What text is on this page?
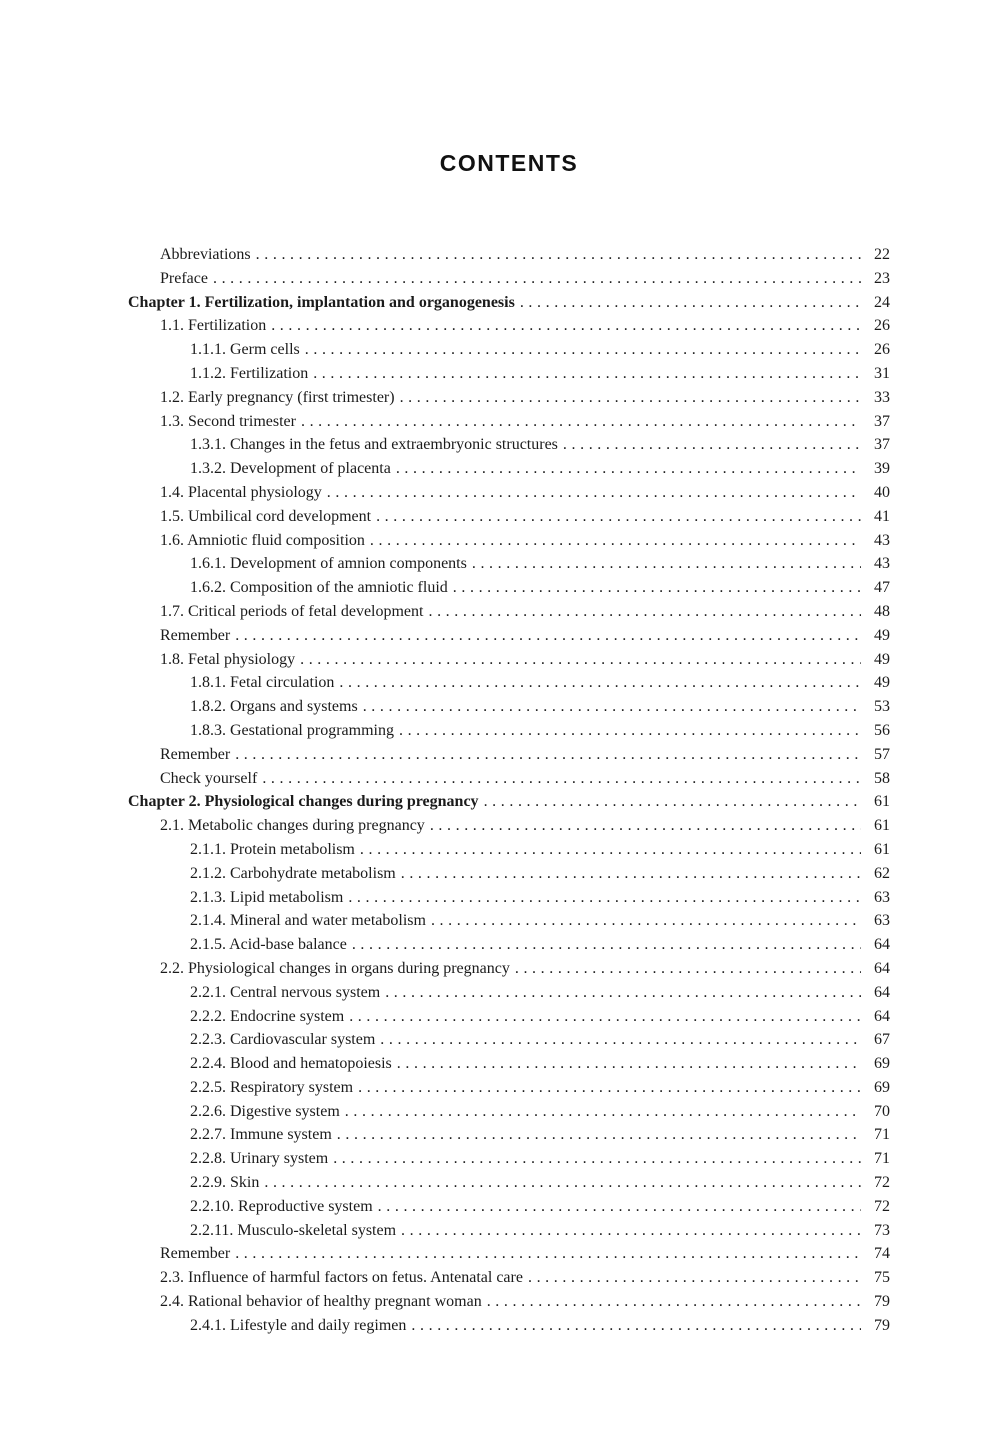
CONTENTS
Abbreviations .....	22
Preface .....	23
Chapter 1. Fertilization, implantation and organogenesis .....	24
1.1. Fertilization .....	26
1.1.1. Germ cells .....	26
1.1.2. Fertilization .....	31
1.2. Early pregnancy (first trimester) .....	33
1.3. Second trimester .....	37
1.3.1. Changes in the fetus and extraembryonic structures .....	37
1.3.2. Development of placenta .....	39
1.4. Placental physiology .....	40
1.5. Umbilical cord development .....	41
1.6. Amniotic fluid composition .....	43
1.6.1. Development of amnion components .....	43
1.6.2. Composition of the amniotic fluid .....	47
1.7. Critical periods of fetal development .....	48
Remember .....	49
1.8. Fetal physiology .....	49
1.8.1. Fetal circulation .....	49
1.8.2. Organs and systems .....	53
1.8.3. Gestational programming .....	56
Remember .....	57
Check yourself .....	58
Chapter 2. Physiological changes during pregnancy .....	61
2.1. Metabolic changes during pregnancy .....	61
2.1.1. Protein metabolism .....	61
2.1.2. Carbohydrate metabolism .....	62
2.1.3. Lipid metabolism .....	63
2.1.4. Mineral and water metabolism .....	63
2.1.5. Acid-base balance .....	64
2.2. Physiological changes in organs during pregnancy .....	64
2.2.1. Central nervous system .....	64
2.2.2. Endocrine system .....	64
2.2.3. Cardiovascular system .....	67
2.2.4. Blood and hematopoiesis .....	69
2.2.5. Respiratory system .....	69
2.2.6. Digestive system .....	70
2.2.7. Immune system .....	71
2.2.8. Urinary system .....	71
2.2.9. Skin .....	72
2.2.10. Reproductive system .....	72
2.2.11. Musculo-skeletal system .....	73
Remember .....	74
2.3. Influence of harmful factors on fetus. Antenatal care .....	75
2.4. Rational behavior of healthy pregnant woman .....	79
2.4.1. Lifestyle and daily regimen .....	79
